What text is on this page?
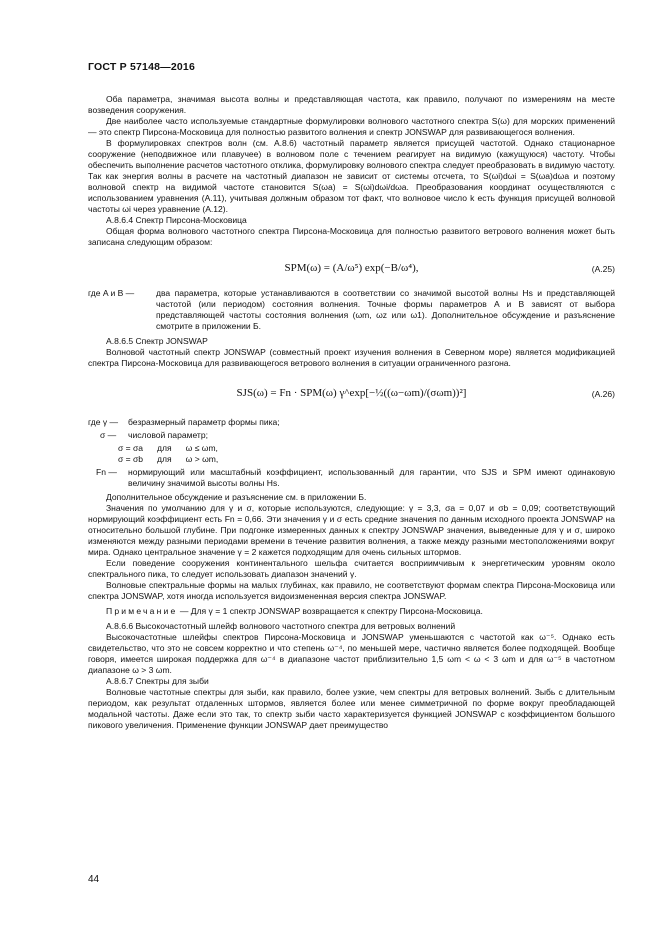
ГОСТ Р 57148—2016

Оба параметра, значимая высота волны и представляющая частота, как правило, получают по измерениям на месте возведения сооружения.

Две наиболее часто используемые стандартные формулировки волнового частотного спектра S(ω) для морских применений — это спектр Пирсона-Московица для полностью развитого волнения и спектр JONSWAP для развивающегося волнения.

В формулировках спектров волн (см. А.8.6) частотный параметр является присущей частотой. Однако стационарное сооружение (неподвижное или плавучее) в волновом поле с течением реагирует на видимую (кажущуюся) частоту. Чтобы обеспечить выполнение расчетов частотного отклика, формулировку волнового спектра следует преобразовать в видимую частоту. Так как энергия волны в расчете на частотный диапазон не зависит от системы отсчета, то S(ωi)dωi = S(ωa)dωa и поэтому волновой спектр на видимой частоте становится S(ωa) = S(ωi)dωi/dωa. Преобразования координат осуществляются с использованием уравнения (А.11), учитывая должным образом тот факт, что волновое число k есть функция присущей волновой частоты ωi через уравнение (А.12).

А.8.6.4 Спектр Пирсона-Московица

Общая форма волнового частотного спектра Пирсона-Московица для полностью развитого ветрового волнения может быть записана следующим образом:

SPM(ω) = (A/ω⁵) exp(−B/ω⁴),	(А.25)
где A и B —	два параметра, которые устанавливаются в соответствии со значимой высотой волны Hs и представляющей частотой (или периодом) состояния волнения. Точные формы параметров A и B зависят от выбора представляющей частоты состояния волнения (ωm, ωz или ω1). Дополнительное обсуждение и разъяснение смотрите в приложении Б.

А.8.6.5 Спектр JONSWAP

Волновой частотный спектр JONSWAP (совместный проект изучения волнения в Северном море) является модификацией спектра Пирсона-Московица для развивающегося ветрового волнения в ситуации ограниченного разгона.

SJS(ω) = Fn · SPM(ω) γ^exp[−½((ω−ωm)/(σωm))²]	(А.26)
где γ —	безразмерный параметр формы пика;
σ —	числовой параметр;
σ = σa	для	ω ≤ ωm,
σ = σb	для	ω > ωm,
Fn —	нормирующий или масштабный коэффициент, использованный для гарантии, что SJS и SPM имеют одинаковую величину значимой высоты волны Hs.

Дополнительное обсуждение и разъяснение см. в приложении Б.

Значения по умолчанию для γ и σ, которые используются, следующие: γ = 3,3, σa = 0,07 и σb = 0,09; соответствующий нормирующий коэффициент есть Fn = 0,66. Эти значения γ и σ есть средние значения по данным исходного проекта JONSWAP на относительно большой глубине. При подгонке измеренных данных к спектру JONSWAP значения, выведенные для γ и σ, широко изменяются между разными периодами времени в течение развития волнения, а также между разными местоположениями вокруг мира. Однако центральное значение γ = 2 кажется подходящим для очень сильных штормов.

Если поведение сооружения континентального шельфа считается восприимчивым к энергетическим уровням около спектрального пика, то следует использовать диапазон значений γ.

Волновые спектральные формы на малых глубинах, как правило, не соответствуют формам спектра Пирсона-Московица или спектра JONSWAP, хотя иногда используется видоизмененная версия спектра JONSWAP.

Примечание — Для γ = 1 спектр JONSWAP возвращается к спектру Пирсона-Московица.

А.8.6.6 Высокочастотный шлейф волнового частотного спектра для ветровых волнений

Высокочастотные шлейфы спектров Пирсона-Московица и JONSWAP уменьшаются с частотой как ω⁻⁵. Однако есть свидетельство, что это не совсем корректно и что степень ω⁻⁴, по меньшей мере, частично является более подходящей. Вообще говоря, имеется широкая поддержка для ω⁻⁴ в диапазоне частот приблизительно 1,5 ωm < ω < 3 ωm и для ω⁻⁵ в частотном диапазоне ω > 3 ωm.

А.8.6.7 Спектры для зыби

Волновые частотные спектры для зыби, как правило, более узкие, чем спектры для ветровых волнений. Зыбь с длительным периодом, как результат отдаленных штормов, является более или менее симметричной по форме вокруг преобладающей модальной частоты. Даже если это так, то спектр зыби часто характеризуется функцией JONSWAP с коэффициентом большого пикового увеличения. Применение функции JONSWAP дает преимущество

44
